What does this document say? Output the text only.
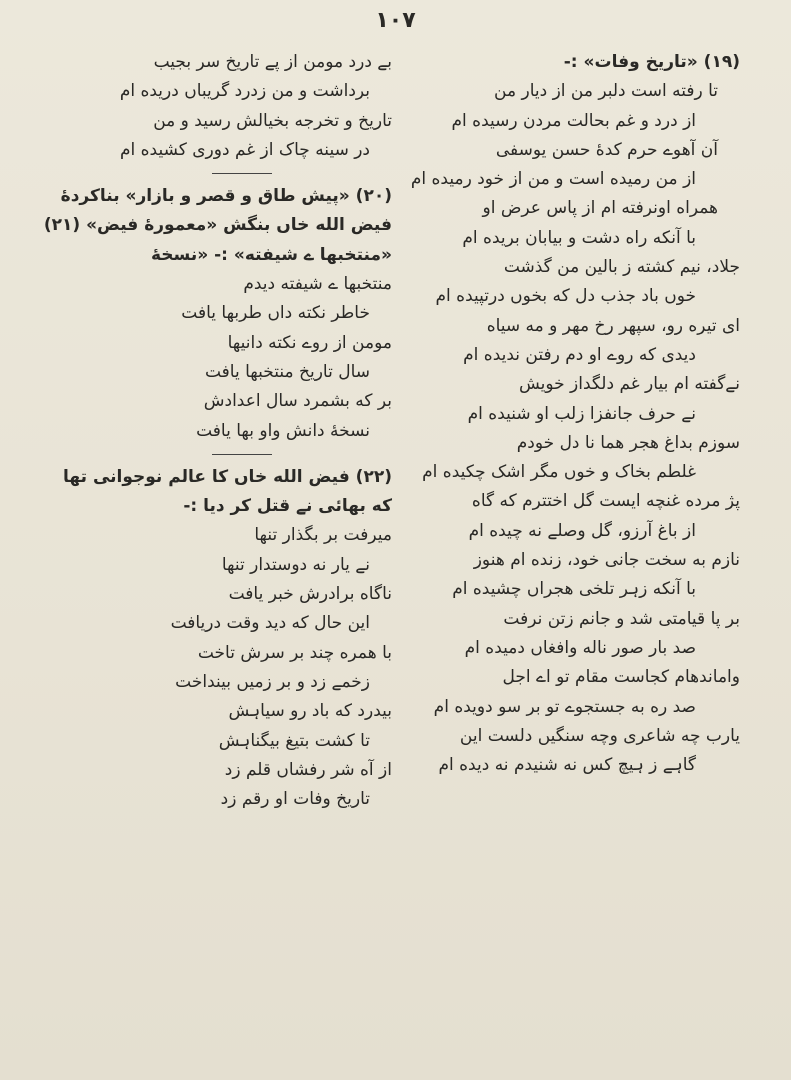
۱۰۷
(۱۹) «تاریخ وفات» :-
تا رفته است دلبر من از دیار من
از درد و غم بحالت مردن رسیده ام
آن آهوے حرم کدهٔ حسن یوسفی
از من رمیده است و من از خود رمیده ام
همراه اونرفته ام از پاس عرض او
با آنکه راه دشت و بیابان بریده ام
جلاد، نیم کشته ز بالین من گذشت
خوں باد جذب دل که بخوں درتپیده ام
ای تیره رو، سپهر رخ مهر و مه سیاه
دیدی که روے او دم رفتن ندیده ام
نےگفته ام بیار غم دلگداز خویش
نے حرف جانفزا زلب او شنیده ام
سوزم بداغ هجر هما نا دل خودم
غلطم بخاک و خوں مگر اشک چکیده ام
پژ مرده غنچه ایست گل اختترم که گاه
از باغ آرزو، گل وصلے نه چیده ام
نازم به سخت جانی خود، زنده ام هنوز
با آنکه زہر تلخی هجراں چشیده ام
بر پا قیامتی شد و جانم زتن نرفت
صد بار صور ناله وافغاں دمیده ام
واماندهام کجاست مقام تو اے اجل
صد ره به جستجوے تو بر سو دویده ام
یارب چه شاعری وچه سنگیں دلست این
گاہے ز ہیچ کس نه شنیدم نه دیده ام
بے درد مومن از پے تاریخ سر بجیب
برداشت و من زدرد گریباں دریده ام
تاریخ و تخرجه بخیالش رسید و من
در سینه چاک از غم دوری کشیده ام
(۲۰) «پیش طاق و قصر و بازار» بناکردهٔ
فیض الله خاں بنگش «معمورهٔ فیض» (۲۱)
«منتخبها ے شیفته» :- «نسخهٔ
منتخبها ے شیفته دیدم
خاطر نکته داں طربها یافت
مومن از روے نکته دانیها
سال تاریخ منتخبها یافت
بر که بشمرد سال اعدادش
نسخهٔ دانش واو بها یافت
(۲۲) فیض الله خاں کا عالم نوجوانی تها
که بهائی نے قتل کر دیا :-
میرفت بر بگذار تنها
نے یار نه دوستدار تنها
ناگاه برادرش خبر یافت
این حال که دید وقت دریافت
با همره چند بر سرش تاخت
زخمے زد و بر زمیں بینداخت
بیدرد که باد رو سیاہش
تا کشت بتیغ بیگناہش
از آه شر رفشاں قلم زد
تاریخ وفات او رقم زد
